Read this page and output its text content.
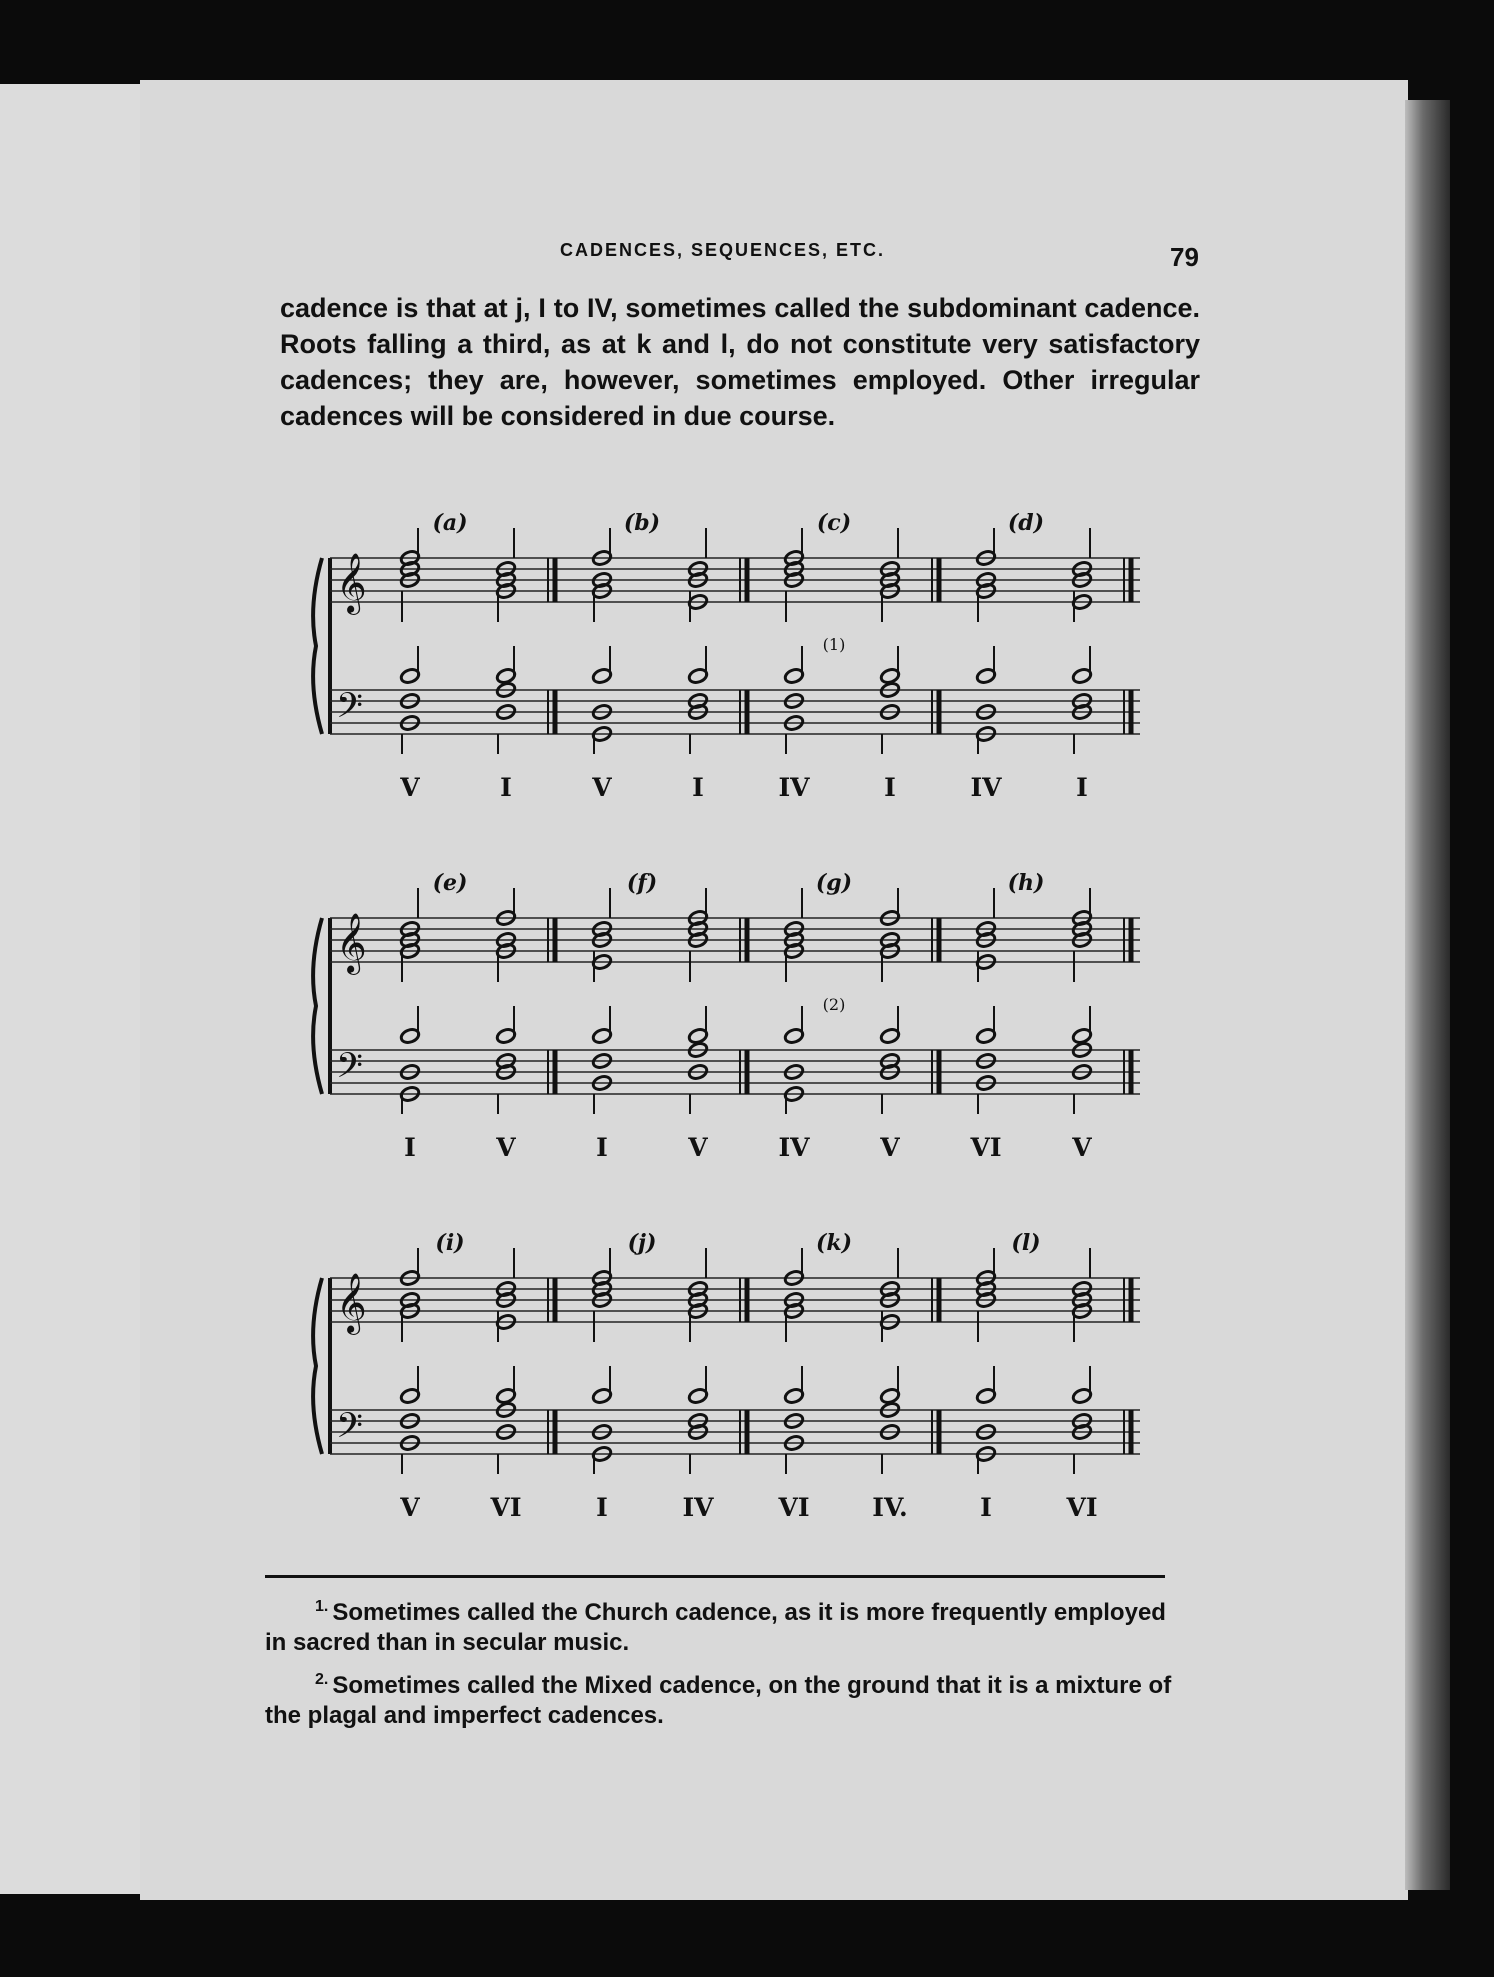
CADENCES, SEQUENCES, ETC.	79
cadence is that at j, I to IV, sometimes called the subdominant cadence. Roots falling a third, as at k and l, do not constitute very satisfactory cadences; they are, however, sometimes employed. Other irregular cadences will be considered in due course.
𝄞
𝄢
(a)	(b)	(c)	(d)
V	I	V	I	IV	I	IV	I
(1)
𝄞
𝄢
(e)	(f)	(g)	(h)
I	V	I	V	IV	V	VI	V
(2)
𝄞
𝄢
(i)	(j)	(k)	(l)
V	VI	I	IV	VI	IV.	I	VI
$^{1.}$ Sometimes called the Church cadence, as it is more frequently employed in sacred than in secular music.
$^{2.}$ Sometimes called the Mixed cadence, on the ground that it is a mixture of the plagal and imperfect cadences.
